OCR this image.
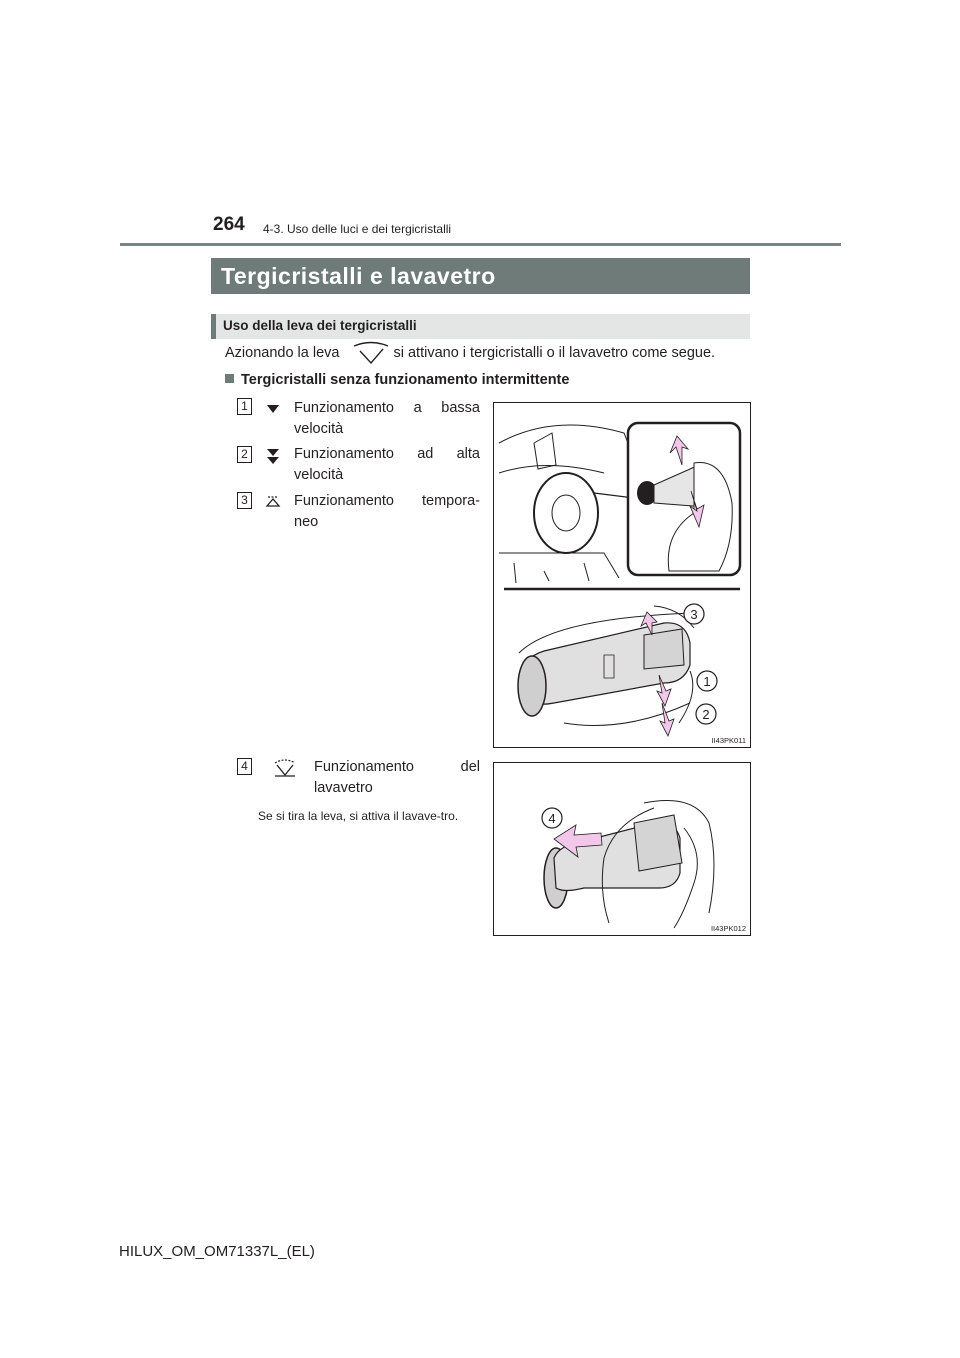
264 4-3. Uso delle luci e dei tergicristalli
Tergicristalli e lavavetro
Uso della leva dei tergicristalli
Azionando la leva	si attivano i tergicristalli o il lavavetro come segue.
Tergicristalli senza funzionamento intermittente
1	Funzionamento a bassa velocità
2	Funzionamento ad alta velocità
3	Funzionamento tempora-neo
3
1
2
II43PK011
4	Funzionamento del lavavetro
Se si tira la leva, si attiva il lavave-tro.	4
II43PK012
HILUX_OM_OM71337L_(EL)
